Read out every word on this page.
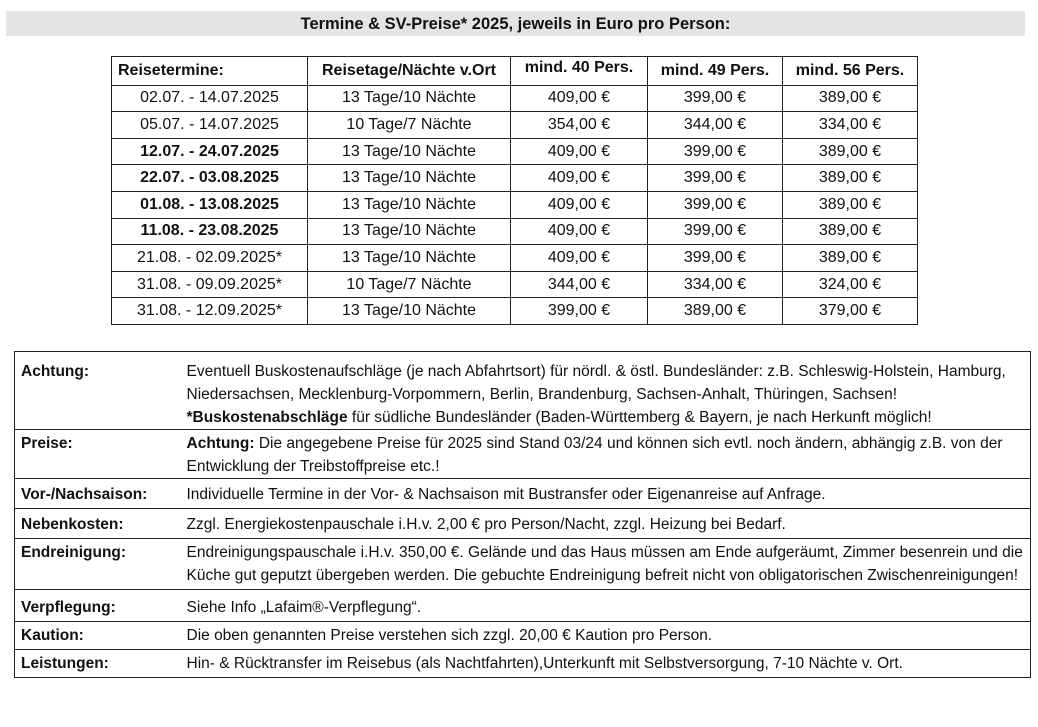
Termine & SV-Preise* 2025, jeweils in Euro pro Person:
Reisetermine:	Reisetage/Nächte v.Ort	mind. 40 Pers.	mind. 49 Pers.	mind. 56 Pers.
02.07. - 14.07.2025	13 Tage/10 Nächte	409,00 €	399,00 €	389,00 €
05.07. - 14.07.2025	10 Tage/7 Nächte	354,00 €	344,00 €	334,00 €
12.07. - 24.07.2025	13 Tage/10 Nächte	409,00 €	399,00 €	389,00 €
22.07. - 03.08.2025	13 Tage/10 Nächte	409,00 €	399,00 €	389,00 €
01.08. - 13.08.2025	13 Tage/10 Nächte	409,00 €	399,00 €	389,00 €
11.08. - 23.08.2025	13 Tage/10 Nächte	409,00 €	399,00 €	389,00 €
21.08. - 02.09.2025*	13 Tage/10 Nächte	409,00 €	399,00 €	389,00 €
31.08. - 09.09.2025*	10 Tage/7 Nächte	344,00 €	334,00 €	324,00 €
31.08. - 12.09.2025*	13 Tage/10 Nächte	399,00 €	389,00 €	379,00 €
Achtung:	Eventuell Buskostenaufschläge (je nach Abfahrtsort) für nördl. & östl. Bundesländer: z.B. Schleswig-Holstein, Hamburg, Niedersachsen, Mecklenburg-Vorpommern, Berlin, Brandenburg, Sachsen-Anhalt, Thüringen, Sachsen! *Buskostenabschläge für südliche Bundesländer (Baden-Württemberg & Bayern, je nach Herkunft möglich!
Preise:	Achtung: Die angegebene Preise für 2025 sind Stand 03/24 und können sich evtl. noch ändern, abhängig z.B. von der Entwicklung der Treibstoffpreise etc.!
Vor-/Nachsaison:	Individuelle Termine in der Vor- & Nachsaison mit Bustransfer oder Eigenanreise auf Anfrage.
Nebenkosten:	Zzgl. Energiekostenpauschale i.H.v. 2,00 € pro Person/Nacht, zzgl. Heizung bei Bedarf.
Endreinigung:	Endreinigungspauschale i.H.v. 350,00 €. Gelände und das Haus müssen am Ende aufgeräumt, Zimmer besenrein und die Küche gut geputzt übergeben werden. Die gebuchte Endreinigung befreit nicht von obligatorischen Zwischenreinigungen!
Verpflegung:	Siehe Info „Lafaim®-Verpflegung“.
Kaution:	Die oben genannten Preise verstehen sich zzgl. 20,00 € Kaution pro Person.
Leistungen:	Hin- & Rücktransfer im Reisebus (als Nachtfahrten),Unterkunft mit Selbstversorgung, 7-10 Nächte v. Ort.
